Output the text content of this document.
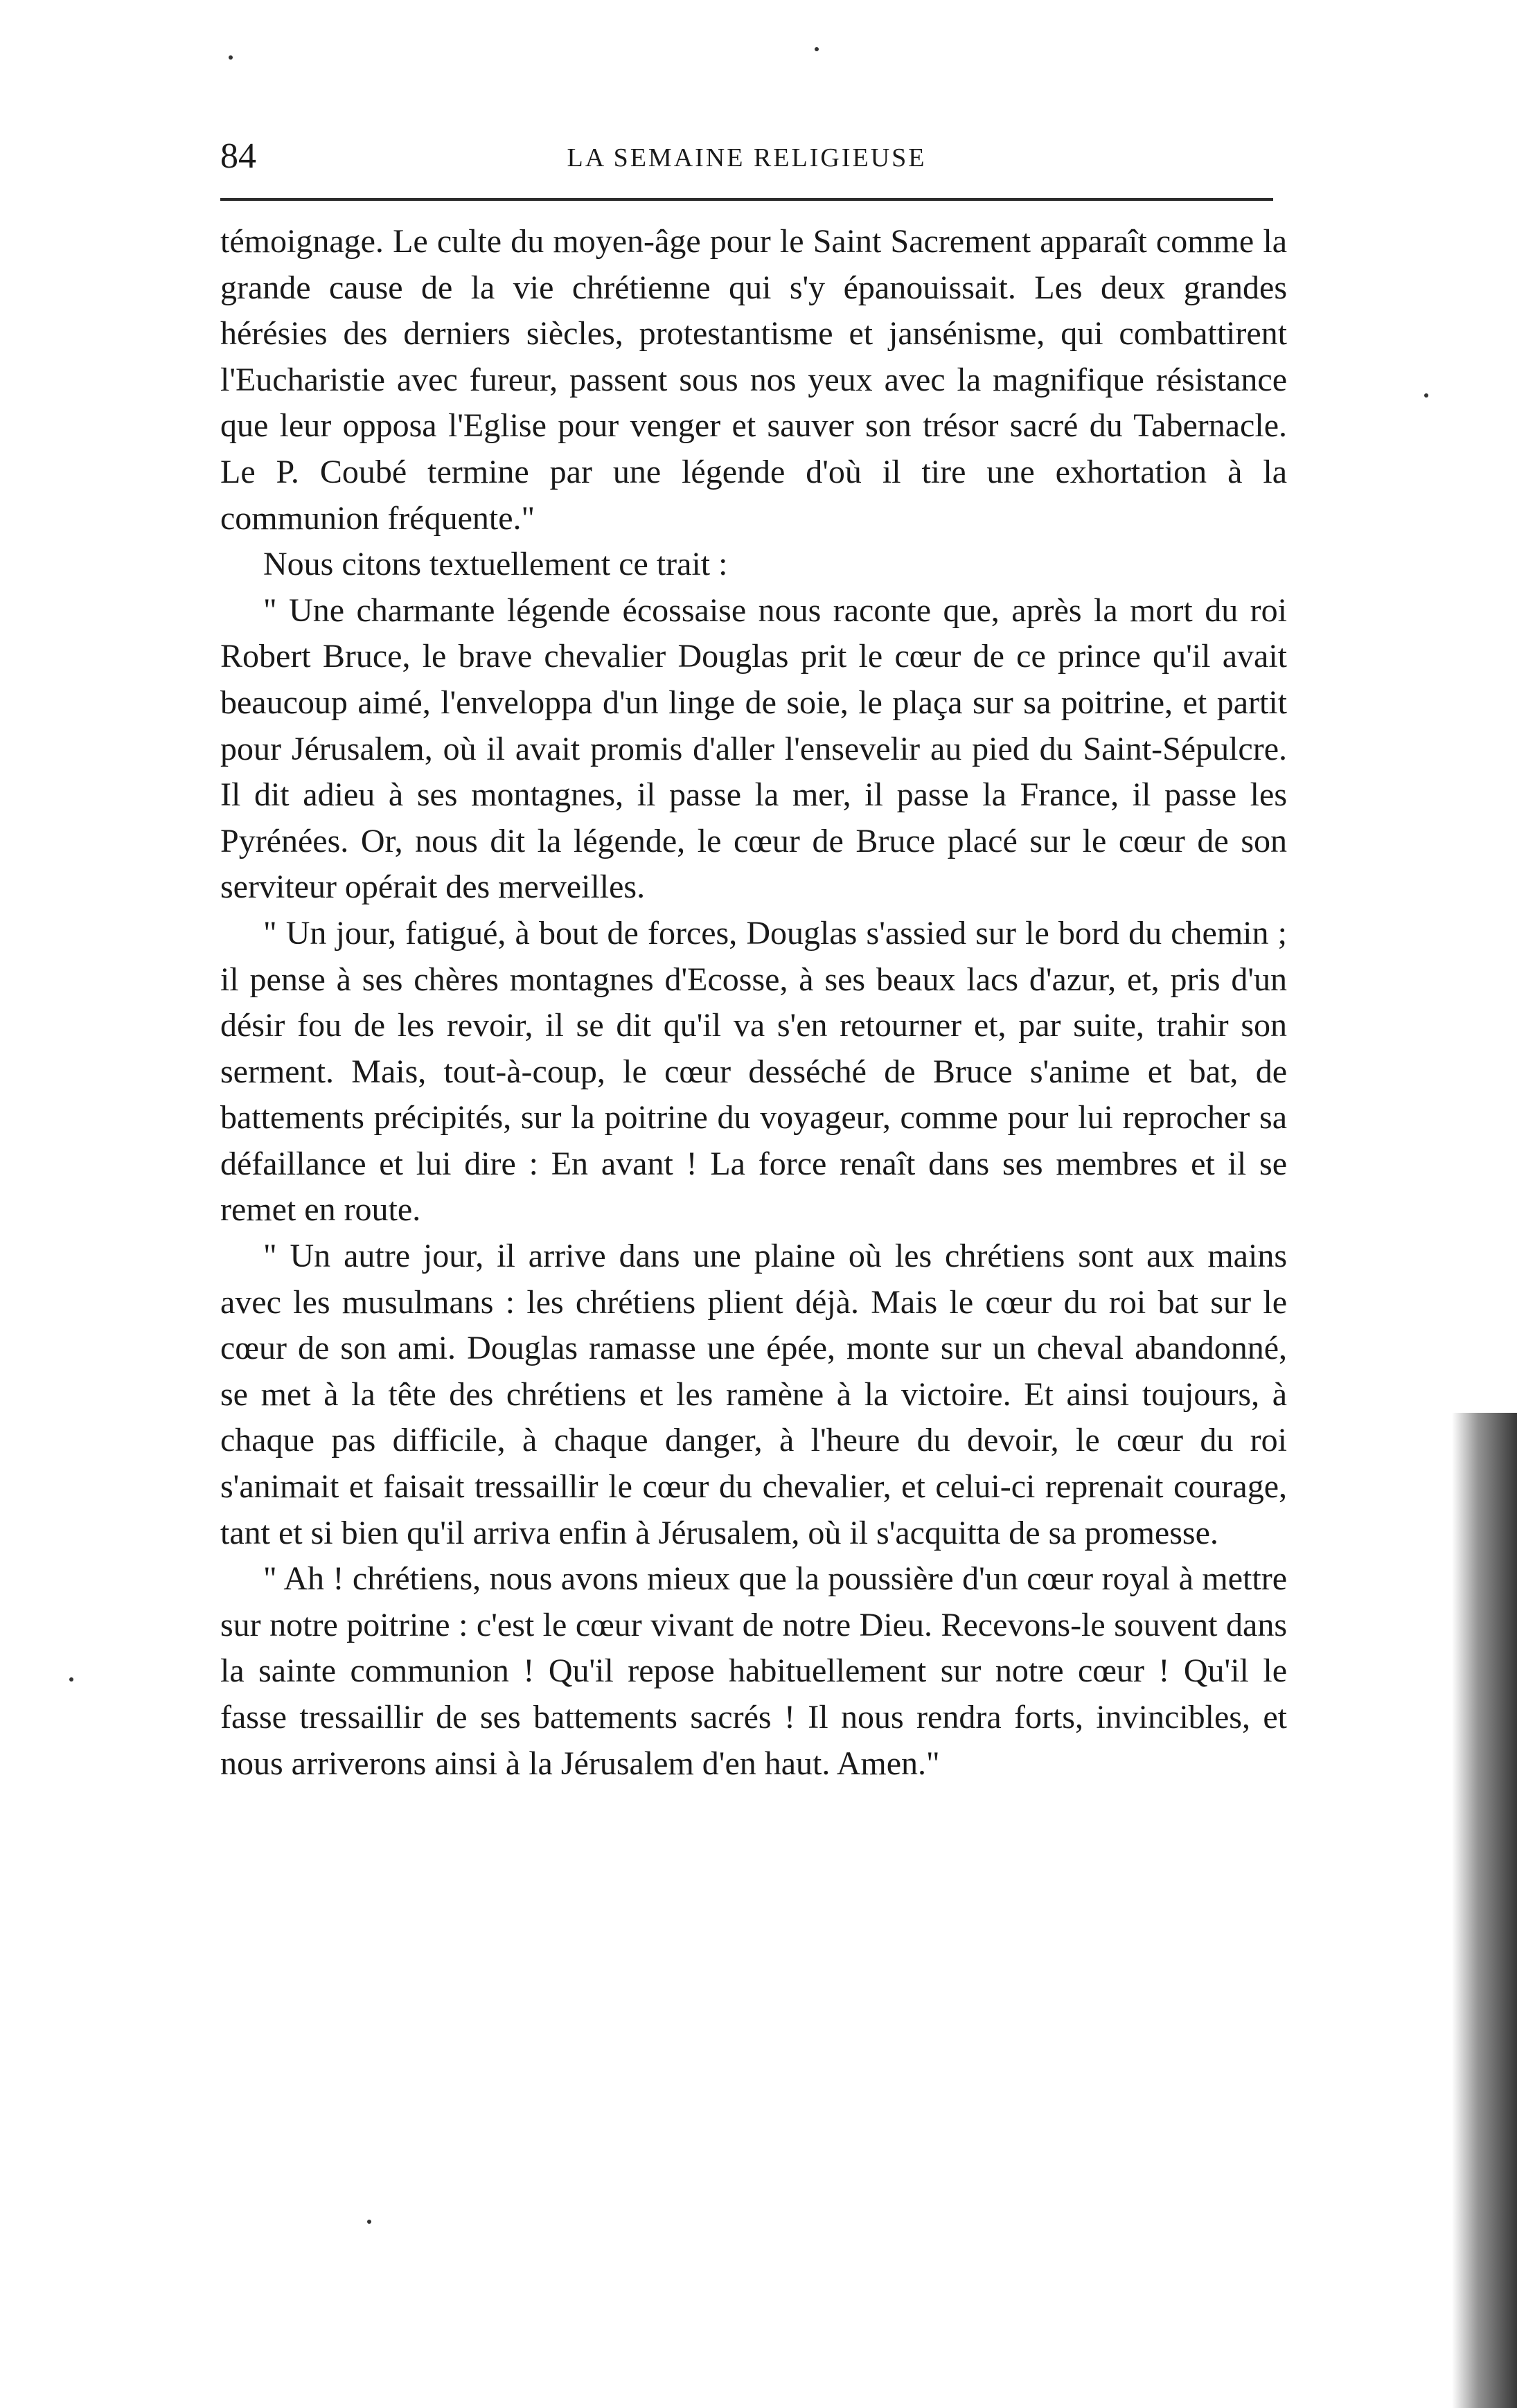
84	LA SEMAINE RELIGIEUSE

témoignage. Le culte du moyen-âge pour le Saint Sacrement apparaît comme la grande cause de la vie chrétienne qui s'y épanouissait. Les deux grandes hérésies des derniers siècles, protestantisme et jansénisme, qui combattirent l'Eucharistie avec fureur, passent sous nos yeux avec la magnifique résistance que leur opposa l'Eglise pour venger et sauver son trésor sacré du Tabernacle. Le P. Coubé termine par une légende d'où il tire une exhortation à la communion fréquente."

Nous citons textuellement ce trait :

" Une charmante légende écossaise nous raconte que, après la mort du roi Robert Bruce, le brave chevalier Douglas prit le cœur de ce prince qu'il avait beaucoup aimé, l'enveloppa d'un linge de soie, le plaça sur sa poitrine, et partit pour Jérusalem, où il avait promis d'aller l'ensevelir au pied du Saint-Sépulcre. Il dit adieu à ses montagnes, il passe la mer, il passe la France, il passe les Pyrénées. Or, nous dit la légende, le cœur de Bruce placé sur le cœur de son serviteur opérait des merveilles.

" Un jour, fatigué, à bout de forces, Douglas s'assied sur le bord du chemin ; il pense à ses chères montagnes d'Ecosse, à ses beaux lacs d'azur, et, pris d'un désir fou de les revoir, il se dit qu'il va s'en retourner et, par suite, trahir son serment. Mais, tout-à-coup, le cœur desséché de Bruce s'anime et bat, de battements précipités, sur la poitrine du voyageur, comme pour lui reprocher sa défaillance et lui dire : En avant ! La force renaît dans ses membres et il se remet en route.

" Un autre jour, il arrive dans une plaine où les chrétiens sont aux mains avec les musulmans : les chrétiens plient déjà. Mais le cœur du roi bat sur le cœur de son ami. Douglas ramasse une épée, monte sur un cheval abandonné, se met à la tête des chrétiens et les ramène à la victoire. Et ainsi toujours, à chaque pas difficile, à chaque danger, à l'heure du devoir, le cœur du roi s'animait et faisait tressaillir le cœur du chevalier, et celui-ci reprenait courage, tant et si bien qu'il arriva enfin à Jérusalem, où il s'acquitta de sa promesse.

" Ah ! chrétiens, nous avons mieux que la poussière d'un cœur royal à mettre sur notre poitrine : c'est le cœur vivant de notre Dieu. Recevons-le souvent dans la sainte communion ! Qu'il repose habituellement sur notre cœur ! Qu'il le fasse tressaillir de ses battements sacrés ! Il nous rendra forts, invincibles, et nous arriverons ainsi à la Jérusalem d'en haut. Amen."
